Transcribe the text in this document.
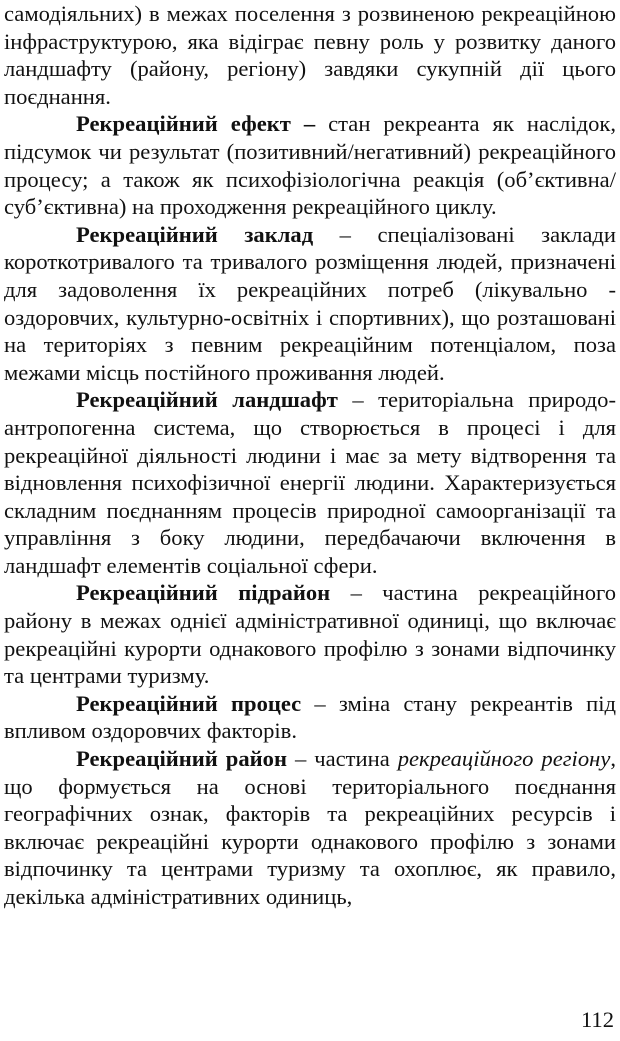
самодіяльних) в межах поселення з розвиненою рекреаційною інфраструктурою, яка відіграє певну роль у розвитку даного ландшафту (району, регіону) завдяки сукупній дії цього поєднання.

Рекреаційний ефект – стан рекреанта як наслідок, підсумок чи результат (позитивний/негативний) рекреаційного процесу; а також як психофізіологічна реакція (об’єктивна/суб’єктивна) на проходження рекреаційного циклу.

Рекреаційний заклад – спеціалізовані заклади короткотривалого та тривалого розміщення людей, призначені для задоволення їх рекреаційних потреб (лікувально - оздоровчих, культурно-освітніх і спортивних), що розташовані на територіях з певним рекреаційним потенціалом, поза межами місць постійного проживання людей.

Рекреаційний ландшафт – територіальна природо-антропогенна система, що створюється в процесі і для рекреаційної діяльності людини і має за мету відтворення та відновлення психофізичної енергії людини. Характеризується складним поєднанням процесів природної самоорганізації та управління з боку людини, передбачаючи включення в ландшафт елементів соціальної сфери.

Рекреаційний підрайон – частина рекреаційного району в межах однієї адміністративної одиниці, що включає рекреаційні курорти однакового профілю з зонами відпочинку та центрами туризму.

Рекреаційний процес – зміна стану рекреантів під впливом оздоровчих факторів.

Рекреаційний район – частина рекреаційного регіону, що формується на основі територіального поєднання географічних ознак, факторів та рекреаційних ресурсів і включає рекреаційні курорти однакового профілю з зонами відпочинку та центрами туризму та охоплює, як правило, декілька адміністративних одиниць,

112
